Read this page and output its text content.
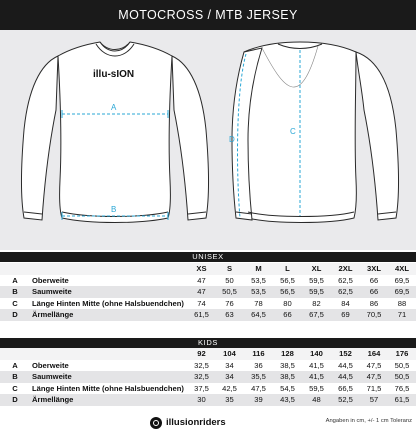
MOTOCROSS / MTB JERSEY
A
B
illu-sION
C
D
UNISEX
		XS	S	M	L	XL	2XL	3XL	4XL
A	Oberweite	47	50	53,5	56,5	59,5	62,5	66	69,5
B	Saumweite	47	50,5	53,5	56,5	59,5	62,5	66	69,5
C	Länge Hinten Mitte (ohne Halsbuendchen)	74	76	78	80	82	84	86	88
D	Ärmellänge	61,5	63	64,5	66	67,5	69	70,5	71
KIDS
		92	104	116	128	140	152	164	176
A	Oberweite	32,5	34	36	38,5	41,5	44,5	47,5	50,5
B	Saumweite	32,5	34	35,5	38,5	41,5	44,5	47,5	50,5
C	Länge Hinten Mitte (ohne Halsbuendchen)	37,5	42,5	47,5	54,5	59,5	66,5	71,5	76,5
D	Ärmellänge	30	35	39	43,5	48	52,5	57	61,5
Angaben in cm, +/- 1 cm Toleranz
illusionriders
